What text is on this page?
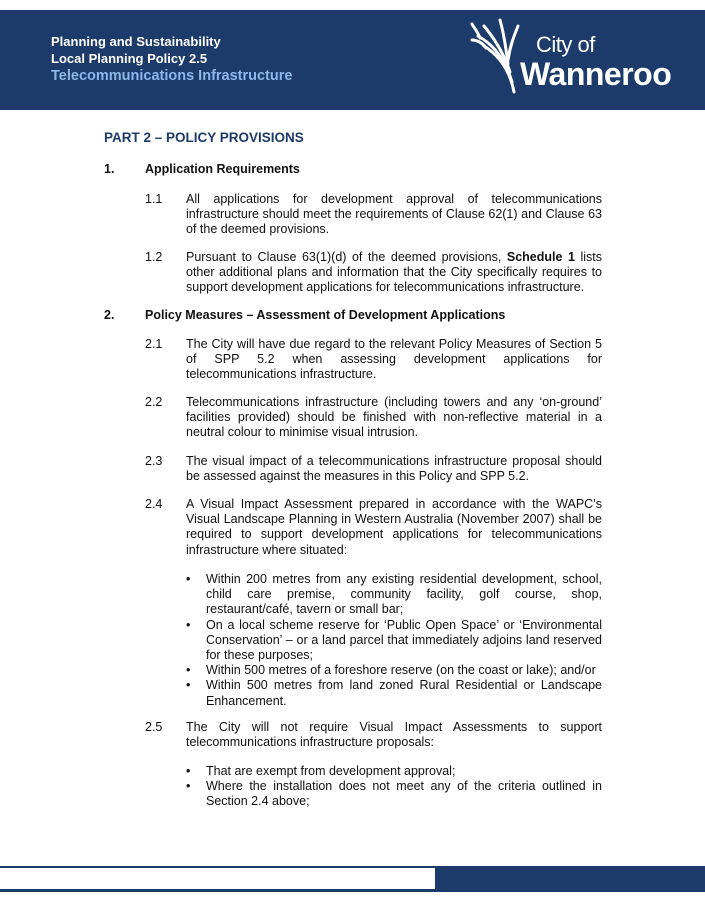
Planning and Sustainability
Local Planning Policy 2.5
Telecommunications Infrastructure
City of
Wanneroo
PART 2 – POLICY PROVISIONS
1. Application Requirements
1.1 All applications for development approval of telecommunications infrastructure should meet the requirements of Clause 62(1) and Clause 63 of the deemed provisions.
1.2 Pursuant to Clause 63(1)(d) of the deemed provisions, Schedule 1 lists other additional plans and information that the City specifically requires to support development applications for telecommunications infrastructure.
2. Policy Measures – Assessment of Development Applications
2.1 The City will have due regard to the relevant Policy Measures of Section 5 of SPP 5.2 when assessing development applications for telecommunications infrastructure.
2.2 Telecommunications infrastructure (including towers and any ‘on-ground’ facilities provided) should be finished with non-reflective material in a neutral colour to minimise visual intrusion.
2.3 The visual impact of a telecommunications infrastructure proposal should be assessed against the measures in this Policy and SPP 5.2.
2.4 A Visual Impact Assessment prepared in accordance with the WAPC’s Visual Landscape Planning in Western Australia (November 2007) shall be required to support development applications for telecommunications infrastructure where situated:
• Within 200 metres from any existing residential development, school, child care premise, community facility, golf course, shop, restaurant/café, tavern or small bar;
• On a local scheme reserve for ‘Public Open Space’ or ‘Environmental Conservation’ – or a land parcel that immediately adjoins land reserved for these purposes;
• Within 500 metres of a foreshore reserve (on the coast or lake); and/or
• Within 500 metres from land zoned Rural Residential or Landscape Enhancement.
2.5 The City will not require Visual Impact Assessments to support telecommunications infrastructure proposals:
• That are exempt from development approval;
• Where the installation does not meet any of the criteria outlined in Section 2.4 above;
